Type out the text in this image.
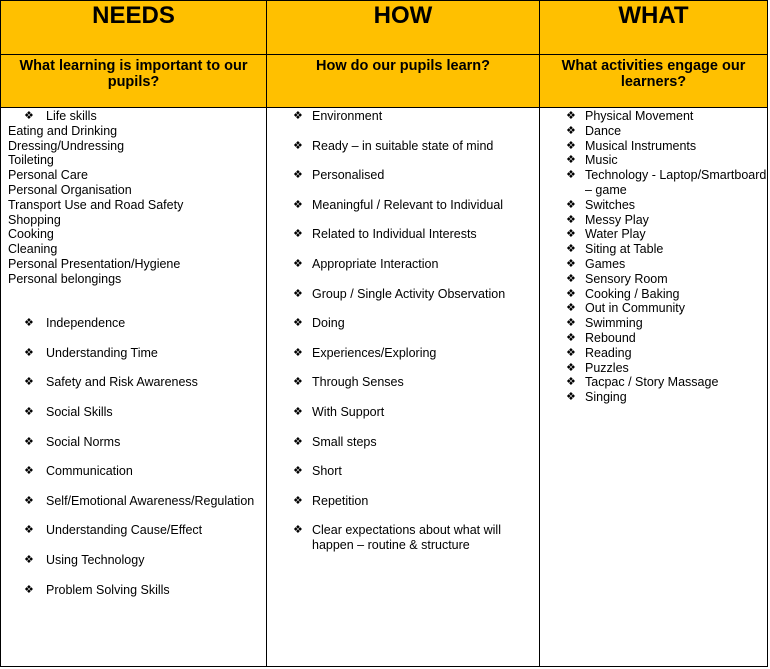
NEEDS
What learning is important to our pupils?
❖ Life skills
Eating and Drinking
Dressing/Undressing
Toileting
Personal Care
Personal Organisation
Transport Use and Road Safety
Shopping
Cooking
Cleaning
Personal Presentation/Hygiene
Personal belongings
❖ Independence
❖ Understanding Time
❖ Safety and Risk Awareness
❖ Social Skills
❖ Social Norms
❖ Communication
❖ Self/Emotional Awareness/Regulation
❖ Understanding Cause/Effect
❖ Using Technology
❖ Problem Solving Skills
HOW
How do our pupils learn?
❖ Environment
❖ Ready – in suitable state of mind
❖ Personalised
❖ Meaningful / Relevant to Individual
❖ Related to Individual Interests
❖ Appropriate Interaction
❖ Group / Single Activity Observation
❖ Doing
❖ Experiences/Exploring
❖ Through Senses
❖ With Support
❖ Small steps
❖ Short
❖ Repetition
❖ Clear expectations about what will happen – routine & structure
WHAT
What activities engage our learners?
❖ Physical Movement
❖ Dance
❖ Musical Instruments
❖ Music
❖ Technology - Laptop/Smartboard – game
❖ Switches
❖ Messy Play
❖ Water Play
❖ Siting at Table
❖ Games
❖ Sensory Room
❖ Cooking / Baking
❖ Out in Community
❖ Swimming
❖ Rebound
❖ Reading
❖ Puzzles
❖ Tacpac / Story Massage
❖ Singing
